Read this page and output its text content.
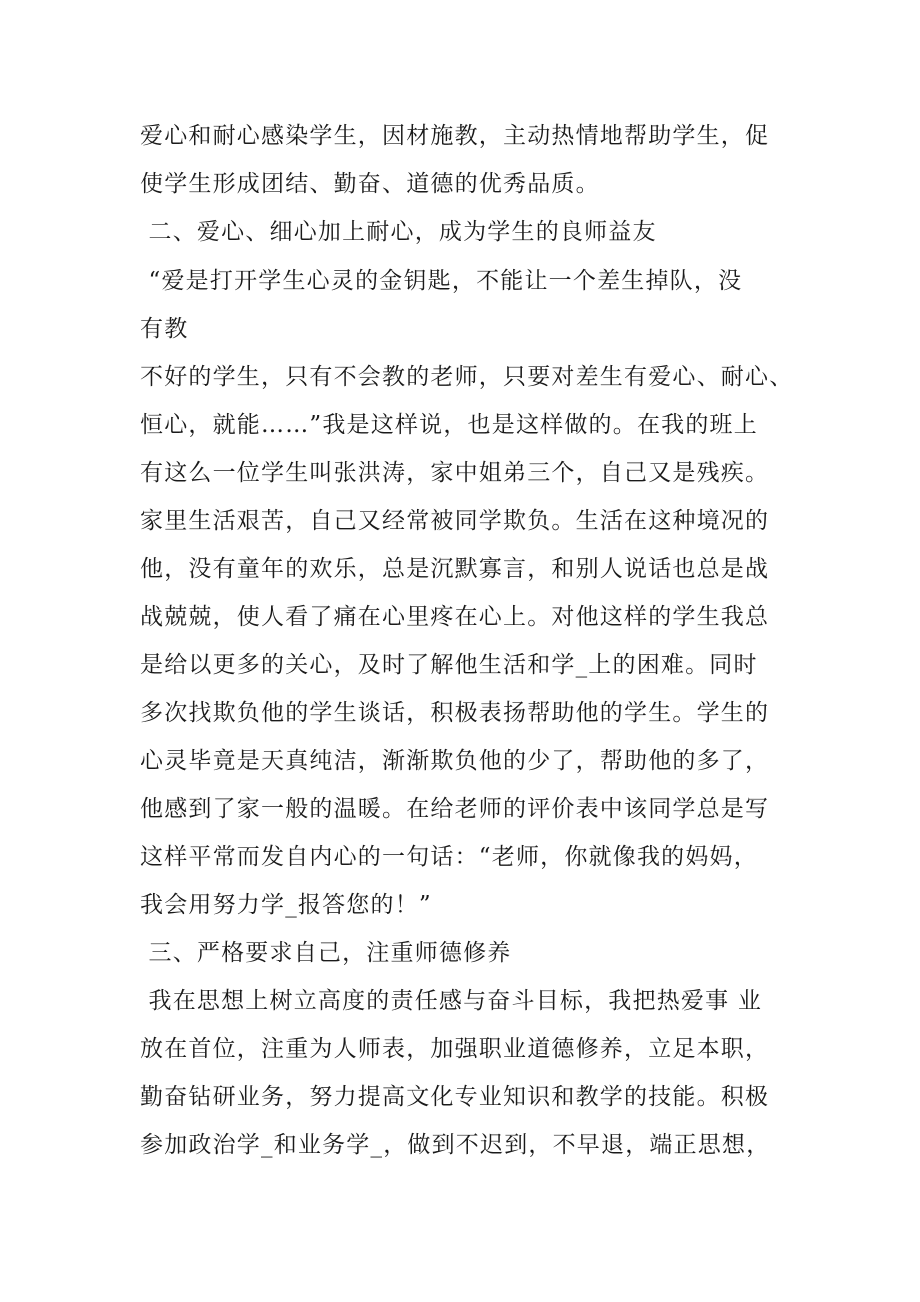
爱心和耐心感染学生，因材施教，主动热情地帮助学生，促
使学生形成团结、勤奋、道德的优秀品质。
二、爱心、细心加上耐心，成为学生的良师益友
“爱是打开学生心灵的金钥匙，不能让一个差生掉队，没
有教
不好的学生，只有不会教的老师，只要对差生有爱心、耐心、
恒心，就能……”我是这样说，也是这样做的。在我的班上
有这么一位学生叫张洪涛，家中姐弟三个，自己又是残疾。
家里生活艰苦，自己又经常被同学欺负。生活在这种境况的
他，没有童年的欢乐，总是沉默寡言，和别人说话也总是战
战兢兢，使人看了痛在心里疼在心上。对他这样的学生我总
是给以更多的关心，及时了解他生活和学_上的困难。同时
多次找欺负他的学生谈话，积极表扬帮助他的学生。学生的
心灵毕竟是天真纯洁，渐渐欺负他的少了，帮助他的多了，
他感到了家一般的温暖。在给老师的评价表中该同学总是写
这样平常而发自内心的一句话：“老师，你就像我的妈妈，
我会用努力学_报答您的！”
三、严格要求自己，注重师德修养
我在思想上树立高度的责任感与奋斗目标，我把热爱事 业
放在首位，注重为人师表，加强职业道德修养，立足本职，
勤奋钻研业务，努力提高文化专业知识和教学的技能。积极
参加政治学_和业务学_，做到不迟到，不早退，端正思想，
